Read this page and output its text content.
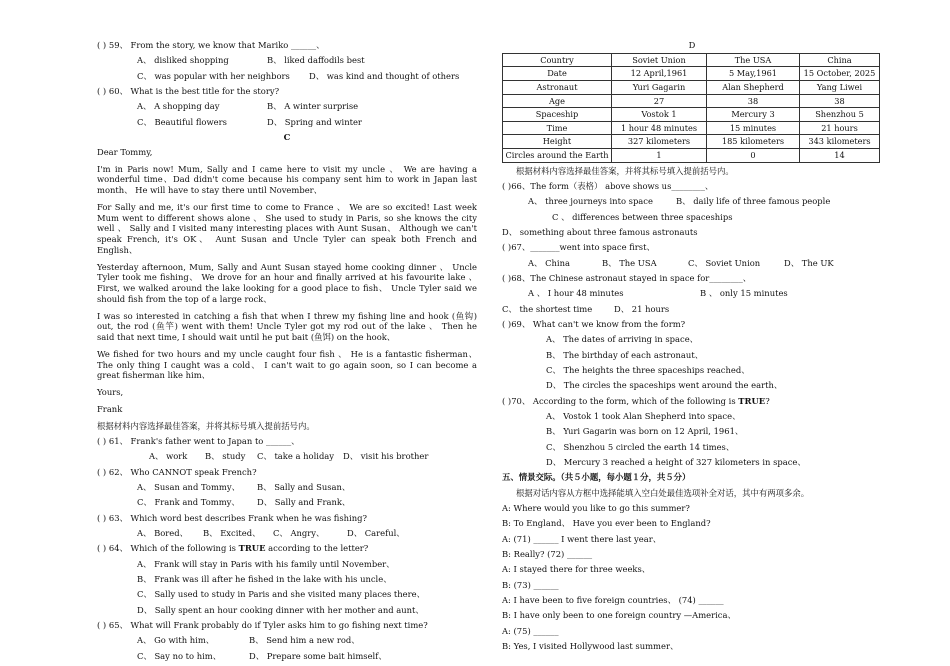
( ) 59、 From the story, we know that Mariko ______、
A、 disliked shopping	B、 liked daffodils best
C、 was popular with her neighbors	D、 was kind and thought of others
( ) 60、 What is the best title for the story?
A、 A shopping day	B、 A winter surprise
C、 Beautiful flowers	D、 Spring and winter
C
Dear Tommy,

I'm in Paris now! Mum, Sally and I came here to visit my uncle 、 We are having a wonderful time、Dad didn't come because his company sent him to work in Japan last month、 He will have to stay there until November、

For Sally and me, it's our first time to come to France 、 We are so excited! Last week Mum went to different shows alone 、 She used to study in Paris, so she knows the city well 、 Sally and I visited many interesting places with Aunt Susan、 Although we can't speak French, it's OK、 Aunt Susan and Uncle Tyler can speak both French and English、

Yesterday afternoon, Mum, Sally and Aunt Susan stayed home cooking dinner 、 Uncle Tyler took me fishing、 We drove for an hour and finally arrived at his favourite lake 、 First, we walked around the lake looking for a good place to fish、 Uncle Tyler said we should fish from the top of a large rock、

I was so interested in catching a fish that when I threw my fishing line and hook (鱼钩) out, the rod (鱼竿) went with them! Uncle Tyler got my rod out of the lake 、 Then he said that next time, I should wait until he put bait (鱼饵) on the hook、

We fished for two hours and my uncle caught four fish 、 He is a fantastic fisherman、 The only thing I caught was a cold、 I can't wait to go again soon, so I can become a great fisherman like him、

Yours,
Frank
根据材料内容选择最佳答案，并将其标号填入提前括号内。
( ) 61、 Frank's father went to Japan to ______、
A、 work	B、 study	C、 take a holiday	D、 visit his brother
( ) 62、 Who CANNOT speak French?
A、 Susan and Tommy、	B、 Sally and Susan、
C、 Frank and Tommy、	D、 Sally and Frank、
( ) 63、 Which word best describes Frank when he was fishing?
A、 Bored、	B、 Excited、	C、 Angry、	D、 Careful、
( ) 64、 Which of the following is TRUE according to the letter?
A、 Frank will stay in Paris with his family until November、
B、 Frank was ill after he fished in the lake with his uncle、
C、 Sally used to study in Paris and she visited many places there、
D、 Sally spent an hour cooking dinner with her mother and aunt、
( ) 65、 What will Frank probably do if Tyler asks him to go fishing next time?
A、 Go with him、	B、 Send him a new rod、
C、 Say no to him、	D、 Prepare some bait himself、
D
Country	Soviet Union	The USA	China
Date	12 April,1961	5 May,1961	15 October, 2025
Astronaut	Yuri Gagarin	Alan Shepherd	Yang Liwei
Age	27	38	38
Spaceship	Vostok 1	Mercury 3	Shenzhou 5
Time	1 hour 48 minutes	15 minutes	21 hours
Height	327 kilometers	185 kilometers	343 kilometers
Circles around the Earth	1	0	14
根据材料内容选择最佳答案，并将其标号填入提前括号内。
( )66、The form（表格） above shows us________、
A、 three journeys into space	B、 daily life of three famous people
C 、 differences between three spaceships
D、 something about three famous astronauts
( )67、_______went into space first、
A、 China	B、 The USA	C、 Soviet Union	D、 The UK
( )68、The Chinese astronaut stayed in space for________、
A 、 I hour 48 minutes	B 、 only 15 minutes
C、 the shortest time	D、 21 hours
( )69、 What can't we know from the form?
A、 The dates of arriving in space、
B、 The birthday of each astronaut、
C、 The heights the three spaceships reached、
D、 The circles the spaceships went around the earth、
( )70、 According to the form, which of the following is TRUE?
A、 Vostok 1 took Alan Shepherd into space、
B、 Yuri Gagarin was born on 12 April, 1961、
C、 Shenzhou 5 circled the earth 14 times、
D、 Mercury 3 reached a height of 327 kilometers in space、
五、情景交际。（共５小题，每小题１分，共５分）
根据对话内容从方框中选择能填入空白处最佳选项补全对话，其中有两项多余。
A: Where would you like to go this summer?
B: To England、 Have you ever been to England?
A: (71) ______ I went there last year、
B: Really? (72) ______
A: I stayed there for three weeks、
B: (73) ______
A: I have been to five foreign countries、 (74) ______
B: I have only been to one foreign country —America、
A: (75) ______
B: Yes, I visited Hollywood last summer、
